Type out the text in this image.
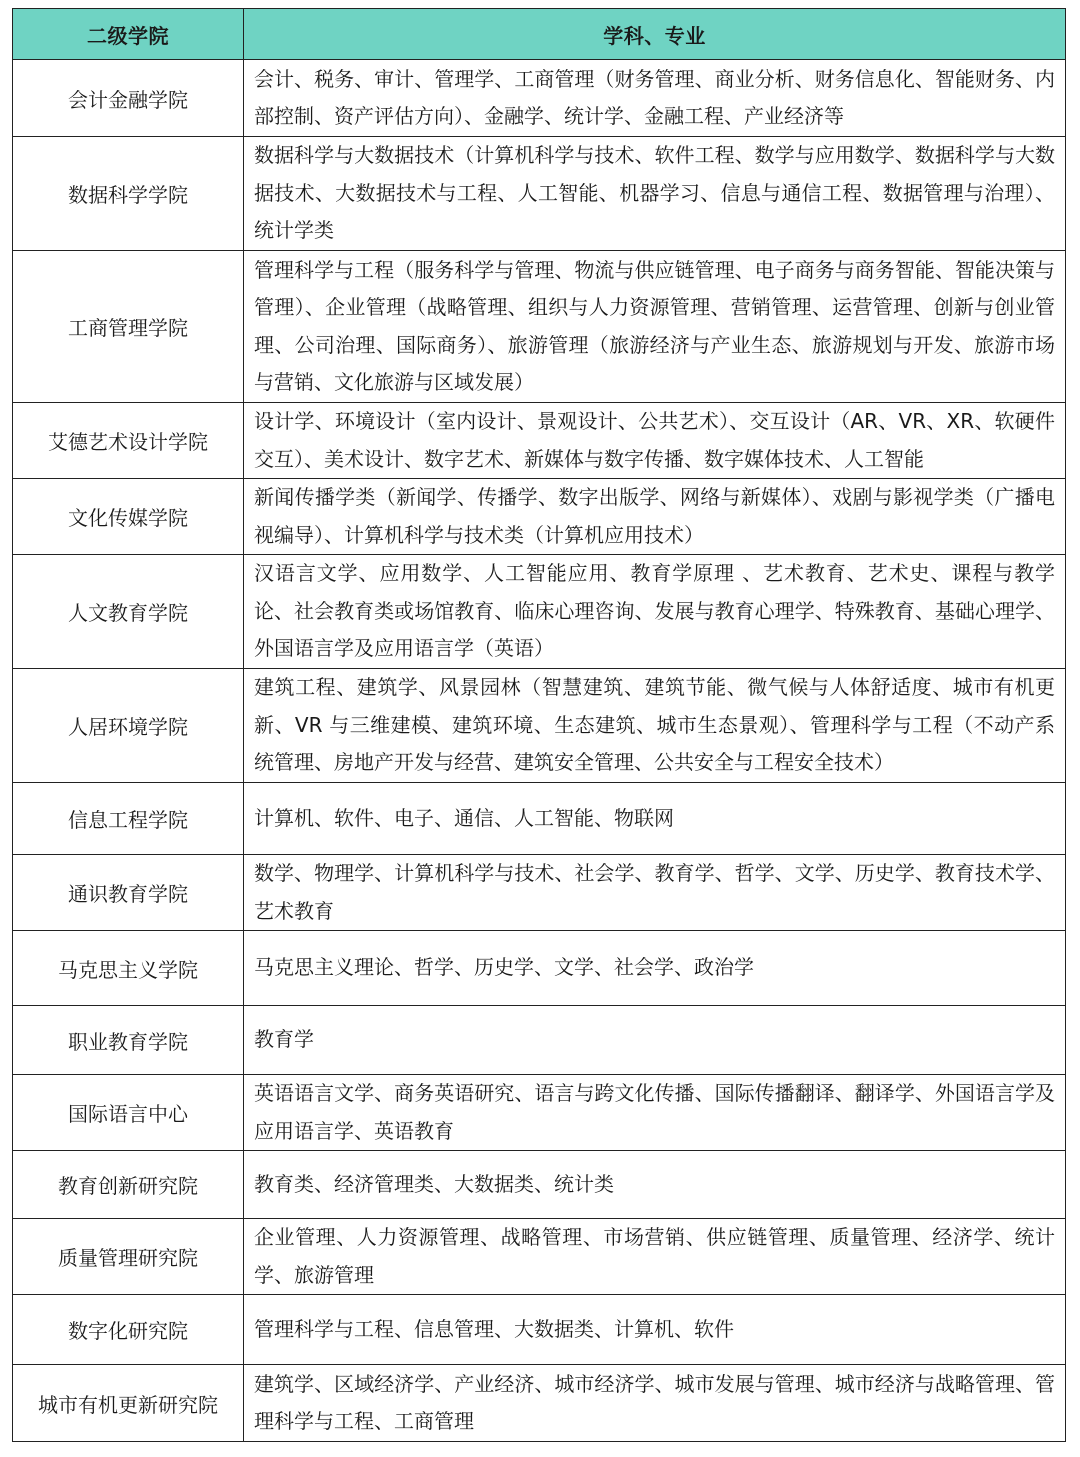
二级学院	学科、专业
会计金融学院	会计、税务、审计、管理学、工商管理（财务管理、商业分析、财务信息化、智能财务、内部控制、资产评估方向）、金融学、统计学、金融工程、产业经济等
数据科学学院	数据科学与大数据技术（计算机科学与技术、软件工程、数学与应用数学、数据科学与大数据技术、大数据技术与工程、人工智能、机器学习、信息与通信工程、数据管理与治理）、统计学类
工商管理学院	管理科学与工程（服务科学与管理、物流与供应链管理、电子商务与商务智能、智能决策与管理）、企业管理（战略管理、组织与人力资源管理、营销管理、运营管理、创新与创业管理、公司治理、国际商务）、旅游管理（旅游经济与产业生态、旅游规划与开发、旅游市场与营销、文化旅游与区域发展）
艾德艺术设计学院	设计学、环境设计（室内设计、景观设计、公共艺术）、交互设计（AR、VR、XR、软硬件交互）、美术设计、数字艺术、新媒体与数字传播、数字媒体技术、人工智能
文化传媒学院	新闻传播学类（新闻学、传播学、数字出版学、网络与新媒体）、戏剧与影视学类（广播电视编导）、计算机科学与技术类（计算机应用技术）
人文教育学院	汉语言文学、应用数学、人工智能应用、教育学原理 、艺术教育、艺术史、课程与教学论、社会教育类或场馆教育、临床心理咨询、发展与教育心理学、特殊教育、基础心理学、外国语言学及应用语言学（英语）
人居环境学院	建筑工程、建筑学、风景园林（智慧建筑、建筑节能、微气候与人体舒适度、城市有机更新、VR 与三维建模、建筑环境、生态建筑、城市生态景观）、管理科学与工程（不动产系统管理、房地产开发与经营、建筑安全管理、公共安全与工程安全技术）
信息工程学院	计算机、软件、电子、通信、人工智能、物联网
通识教育学院	数学、物理学、计算机科学与技术、社会学、教育学、哲学、文学、历史学、教育技术学、艺术教育
马克思主义学院	马克思主义理论、哲学、历史学、文学、社会学、政治学
职业教育学院	教育学
国际语言中心	英语语言文学、商务英语研究、语言与跨文化传播、国际传播翻译、翻译学、外国语言学及应用语言学、英语教育
教育创新研究院	教育类、经济管理类、大数据类、统计类
质量管理研究院	企业管理、人力资源管理、战略管理、市场营销、供应链管理、质量管理、经济学、统计学、旅游管理
数字化研究院	管理科学与工程、信息管理、大数据类、计算机、软件
城市有机更新研究院	建筑学、区域经济学、产业经济、城市经济学、城市发展与管理、城市经济与战略管理、管理科学与工程、工商管理
